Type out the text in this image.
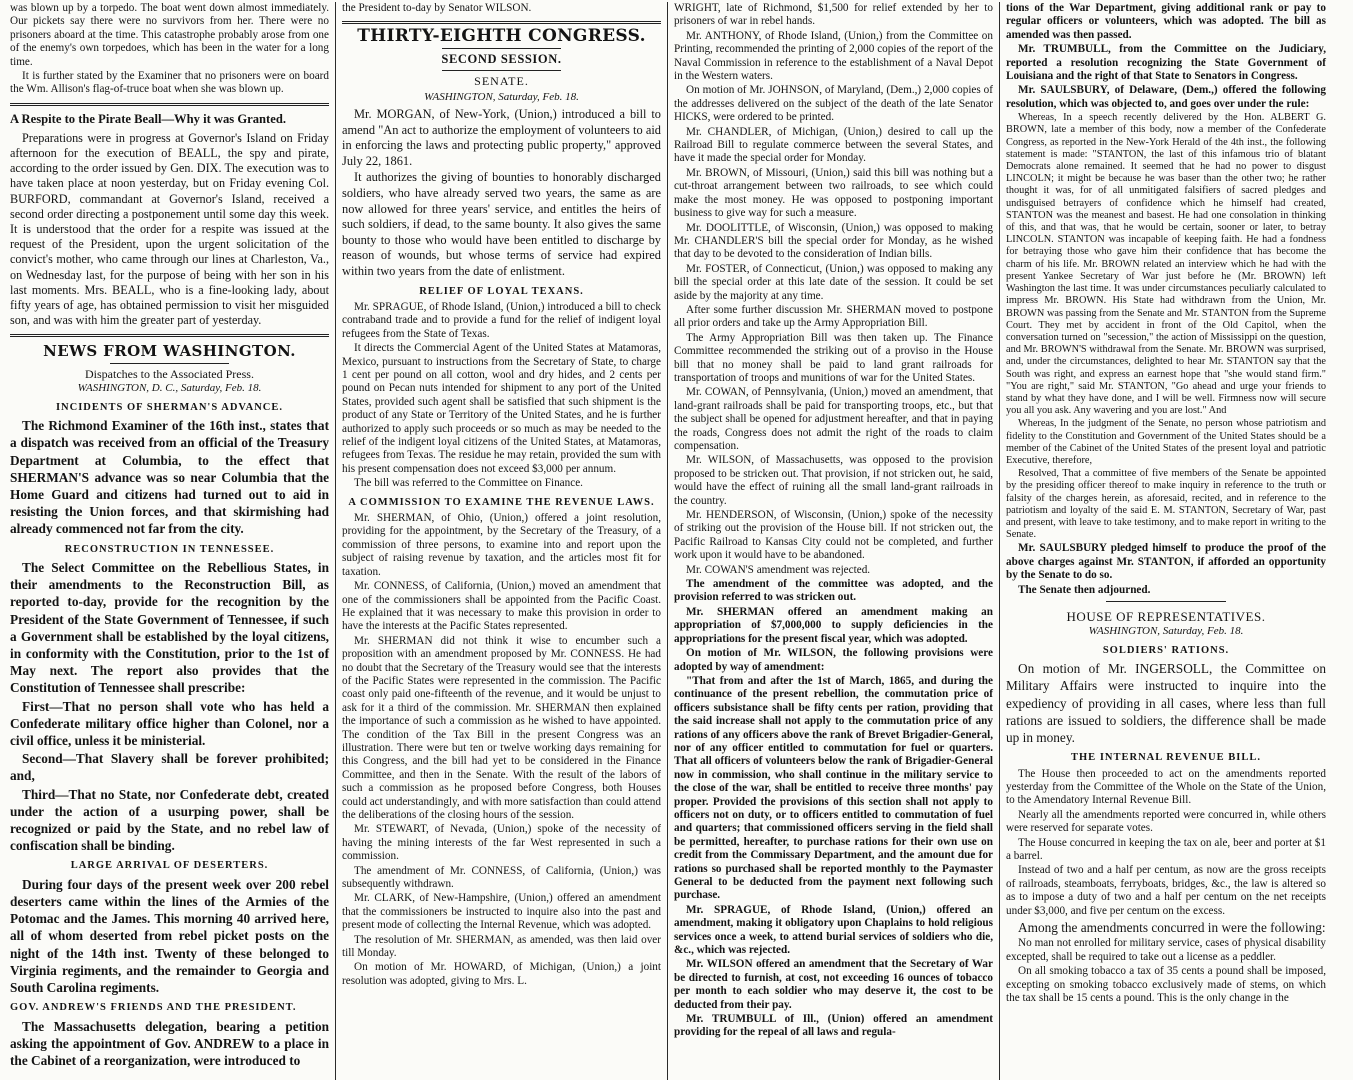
was blown up by a torpedo. The boat went down almost immediately. Our pickets say there were no survivors from her. There were no prisoners aboard at the time. This catastrophe probably arose from one of the enemy's own torpedoes, which has been in the water for a long time.

It is further stated by the Examiner that no prisoners were on board the Wm. Allison's flag-of-truce boat when she was blown up.

A Respite to the Pirate Beall—Why it was Granted.

Preparations were in progress at Governor's Island on Friday afternoon for the execution of BEALL, the spy and pirate, according to the order issued by Gen. DIX. The execution was to have taken place at noon yesterday, but on Friday evening Col. BURFORD, commandant at Governor's Island, received a second order directing a postponement until some day this week. It is understood that the order for a respite was issued at the request of the President, upon the urgent solicitation of the convict's mother, who came through our lines at Charleston, Va., on Wednesday last, for the purpose of being with her son in his last moments. Mrs. BEALL, who is a fine-looking lady, about fifty years of age, has obtained permission to visit her misguided son, and was with him the greater part of yesterday.

NEWS FROM WASHINGTON.
Dispatches to the Associated Press.
WASHINGTON, D. C., Saturday, Feb. 18.
INCIDENTS OF SHERMAN'S ADVANCE.

The Richmond Examiner of the 16th inst., states that a dispatch was received from an official of the Treasury Department at Columbia, to the effect that SHERMAN'S advance was so near Columbia that the Home Guard and citizens had turned out to aid in resisting the Union forces, and that skirmishing had already commenced not far from the city.

RECONSTRUCTION IN TENNESSEE.

The Select Committee on the Rebellious States, in their amendments to the Reconstruction Bill, as reported to-day, provide for the recognition by the President of the State Government of Tennessee, if such a Government shall be established by the loyal citizens, in conformity with the Constitution, prior to the 1st of May next. The report also provides that the Constitution of Tennessee shall prescribe:

First—That no person shall vote who has held a Confederate military office higher than Colonel, nor a civil office, unless it be ministerial.

Second—That Slavery shall be forever prohibited; and,

Third—That no State, nor Confederate debt, created under the action of a usurping power, shall be recognized or paid by the State, and no rebel law of confiscation shall be binding.

LARGE ARRIVAL OF DESERTERS.

During four days of the present week over 200 rebel deserters came within the lines of the Armies of the Potomac and the James. This morning 40 arrived here, all of whom deserted from rebel picket posts on the night of the 14th inst. Twenty of these belonged to Virginia regiments, and the remainder to Georgia and South Carolina regiments.

GOV. ANDREW'S FRIENDS AND THE PRESIDENT.

The Massachusetts delegation, bearing a petition asking the appointment of Gov. ANDREW to a place in the Cabinet of a reorganization, were introduced to

the President to-day by Senator WILSON.

THIRTY-EIGHTH CONGRESS.
SECOND SESSION.
SENATE.
WASHINGTON, Saturday, Feb. 18.

Mr. MORGAN, of New-York, (Union,) introduced a bill to amend "An act to authorize the employment of volunteers to aid in enforcing the laws and protecting public property," approved July 22, 1861.

It authorizes the giving of bounties to honorably discharged soldiers, who have already served two years, the same as are now allowed for three years' service, and entitles the heirs of such soldiers, if dead, to the same bounty. It also gives the same bounty to those who would have been entitled to discharge by reason of wounds, but whose terms of service had expired within two years from the date of enlistment.

RELIEF OF LOYAL TEXANS.

Mr. SPRAGUE, of Rhode Island, (Union,) introduced a bill to check contraband trade and to provide a fund for the relief of indigent loyal refugees from the State of Texas.

It directs the Commercial Agent of the United States at Matamoras, Mexico, pursuant to instructions from the Secretary of State, to charge 1 cent per pound on all cotton, wool and dry hides, and 2 cents per pound on Pecan nuts intended for shipment to any port of the United States, provided such agent shall be satisfied that such shipment is the product of any State or Territory of the United States, and he is further authorized to apply such proceeds or so much as may be needed to the relief of the indigent loyal citizens of the United States, at Matamoras, refugees from Texas. The residue he may retain, provided the sum with his present compensation does not exceed $3,000 per annum.

The bill was referred to the Committee on Finance.

A COMMISSION TO EXAMINE THE REVENUE LAWS.

Mr. SHERMAN, of Ohio, (Union,) offered a joint resolution, providing for the appointment, by the Secretary of the Treasury, of a commission of three persons, to examine into and report upon the subject of raising revenue by taxation, and the articles most fit for taxation.

Mr. CONNESS, of California, (Union,) moved an amendment that one of the commissioners shall be appointed from the Pacific Coast. He explained that it was necessary to make this provision in order to have the interests at the Pacific States represented.

Mr. SHERMAN did not think it wise to encumber such a proposition with an amendment proposed by Mr. CONNESS. He had no doubt that the Secretary of the Treasury would see that the interests of the Pacific States were represented in the commission. The Pacific coast only paid one-fifteenth of the revenue, and it would be unjust to ask for it a third of the commission. Mr. SHERMAN then explained the importance of such a commission as he wished to have appointed. The condition of the Tax Bill in the present Congress was an illustration. There were but ten or twelve working days remaining for this Congress, and the bill had yet to be considered in the Finance Committee, and then in the Senate. With the result of the labors of such a commission as he proposed before Congress, both Houses could act understandingly, and with more satisfaction than could attend the deliberations of the closing hours of the session.

Mr. STEWART, of Nevada, (Union,) spoke of the necessity of having the mining interests of the far West represented in such a commission.

The amendment of Mr. CONNESS, of California, (Union,) was subsequently withdrawn.

Mr. CLARK, of New-Hampshire, (Union,) offered an amendment that the commissioners be instructed to inquire also into the past and present mode of collecting the Internal Revenue, which was adopted.

The resolution of Mr. SHERMAN, as amended, was then laid over till Monday.

On motion of Mr. HOWARD, of Michigan, (Union,) a joint resolution was adopted, giving to Mrs. L.

WRIGHT, late of Richmond, $1,500 for relief extended by her to prisoners of war in rebel hands.

Mr. ANTHONY, of Rhode Island, (Union,) from the Committee on Printing, recommended the printing of 2,000 copies of the report of the Naval Commission in reference to the establishment of a Naval Depot in the Western waters.

On motion of Mr. JOHNSON, of Maryland, (Dem.,) 2,000 copies of the addresses delivered on the subject of the death of the late Senator HICKS, were ordered to be printed.

Mr. CHANDLER, of Michigan, (Union,) desired to call up the Railroad Bill to regulate commerce between the several States, and have it made the special order for Monday.

Mr. BROWN, of Missouri, (Union,) said this bill was nothing but a cut-throat arrangement between two railroads, to see which could make the most money. He was opposed to postponing important business to give way for such a measure.

Mr. DOOLITTLE, of Wisconsin, (Union,) was opposed to making Mr. CHANDLER'S bill the special order for Monday, as he wished that day to be devoted to the consideration of Indian bills.

Mr. FOSTER, of Connecticut, (Union,) was opposed to making any bill the special order at this late date of the session. It could be set aside by the majority at any time.

After some further discussion Mr. SHERMAN moved to postpone all prior orders and take up the Army Appropriation Bill.

The Army Appropriation Bill was then taken up. The Finance Committee recommended the striking out of a proviso in the House bill that no money shall be paid to land grant railroads for transportation of troops and munitions of war for the United States.

Mr. COWAN, of Pennsylvania, (Union,) moved an amendment, that land-grant railroads shall be paid for transporting troops, etc., but that the subject shall be opened for adjustment hereafter, and that in paying the roads, Congress does not admit the right of the roads to claim compensation.

Mr. WILSON, of Massachusetts, was opposed to the provision proposed to be stricken out. That provision, if not stricken out, he said, would have the effect of ruining all the small land-grant railroads in the country.

Mr. HENDERSON, of Wisconsin, (Union,) spoke of the necessity of striking out the provision of the House bill. If not stricken out, the Pacific Railroad to Kansas City could not be completed, and further work upon it would have to be abandoned.

Mr. COWAN'S amendment was rejected.

The amendment of the committee was adopted, and the provision referred to was stricken out.

Mr. SHERMAN offered an amendment making an appropriation of $7,000,000 to supply deficiencies in the appropriations for the present fiscal year, which was adopted.

On motion of Mr. WILSON, the following provisions were adopted by way of amendment:

"That from and after the 1st of March, 1865, and during the continuance of the present rebellion, the commutation price of officers subsistance shall be fifty cents per ration, providing that the said increase shall not apply to the commutation price of any rations of any officers above the rank of Brevet Brigadier-General, nor of any officer entitled to commutation for fuel or quarters. That all officers of volunteers below the rank of Brigadier-General now in commission, who shall continue in the military service to the close of the war, shall be entitled to receive three months' pay proper. Provided the provisions of this section shall not apply to officers not on duty, or to officers entitled to commutation of fuel and quarters; that commissioned officers serving in the field shall be permitted, hereafter, to purchase rations for their own use on credit from the Commissary Department, and the amount due for rations so purchased shall be reported monthly to the Paymaster General to be deducted from the payment next following such purchase.

Mr. SPRAGUE, of Rhode Island, (Union,) offered an amendment, making it obligatory upon Chaplains to hold religious services once a week, to attend burial services of soldiers who die, &c., which was rejected.

Mr. WILSON offered an amendment that the Secretary of War be directed to furnish, at cost, not exceeding 16 ounces of tobacco per month to each soldier who may deserve it, the cost to be deducted from their pay.

Mr. TRUMBULL of Ill., (Union) offered an amendment providing for the repeal of all laws and regula-

tions of the War Department, giving additional rank or pay to regular officers or volunteers, which was adopted. The bill as amended was then passed.

Mr. TRUMBULL, from the Committee on the Judiciary, reported a resolution recognizing the State Government of Louisiana and the right of that State to Senators in Congress.

Mr. SAULSBURY, of Delaware, (Dem.,) offered the following resolution, which was objected to, and goes over under the rule:

Whereas, In a speech recently delivered by the Hon. ALBERT G. BROWN, late a member of this body, now a member of the Confederate Congress, as reported in the New-York Herald of the 4th inst., the following statement is made: "STANTON, the last of this infamous trio of blatant Democrats alone remained. It seemed that he had no power to disgust LINCOLN; it might be because he was baser than the other two; he rather thought it was, for of all unmitigated falsifiers of sacred pledges and undisguised betrayers of confidence which he himself had created, STANTON was the meanest and basest. He had one consolation in thinking of this, and that was, that he would be certain, sooner or later, to betray LINCOLN. STANTON was incapable of keeping faith. He had a fondness for betraying those who gave him their confidence that has become the charm of his life. Mr. BROWN related an interview which he had with the present Yankee Secretary of War just before he (Mr. BROWN) left Washington the last time. It was under circumstances peculiarly calculated to impress Mr. BROWN. His State had withdrawn from the Union, Mr. BROWN was passing from the Senate and Mr. STANTON from the Supreme Court. They met by accident in front of the Old Capitol, when the conversation turned on "secession," the action of Mississippi on the question, and Mr. BROWN'S withdrawal from the Senate. Mr. BROWN was surprised, and, under the circumstances, delighted to hear Mr. STANTON say that the South was right, and express an earnest hope that "she would stand firm." "You are right," said Mr. STANTON, "Go ahead and urge your friends to stand by what they have done, and I will be well. Firmness now will secure you all you ask. Any wavering and you are lost." And

Whereas, In the judgment of the Senate, no person whose patriotism and fidelity to the Constitution and Government of the United States should be a member of the Cabinet of the United States of the present loyal and patriotic Executive, therefore,

Resolved, That a committee of five members of the Senate be appointed by the presiding officer thereof to make inquiry in reference to the truth or falsity of the charges herein, as aforesaid, recited, and in reference to the patriotism and loyalty of the said E. M. STANTON, Secretary of War, past and present, with leave to take testimony, and to make report in writing to the Senate.

Mr. SAULSBURY pledged himself to produce the proof of the above charges against Mr. STANTON, if afforded an opportunity by the Senate to do so.

The Senate then adjourned.

HOUSE OF REPRESENTATIVES.
WASHINGTON, Saturday, Feb. 18.
SOLDIERS' RATIONS.

On motion of Mr. INGERSOLL, the Committee on Military Affairs were instructed to inquire into the expediency of providing in all cases, where less than full rations are issued to soldiers, the difference shall be made up in money.

THE INTERNAL REVENUE BILL.

The House then proceeded to act on the amendments reported yesterday from the Committee of the Whole on the State of the Union, to the Amendatory Internal Revenue Bill.

Nearly all the amendments reported were concurred in, while others were reserved for separate votes.

The House concurred in keeping the tax on ale, beer and porter at $1 a barrel.

Instead of two and a half per centum, as now are the gross receipts of railroads, steamboats, ferryboats, bridges, &c., the law is altered so as to impose a duty of two and a half per centum on the net receipts under $3,000, and five per centum on the excess.

Among the amendments concurred in were the following:

No man not enrolled for military service, cases of physical disability excepted, shall be required to take out a license as a peddler.

On all smoking tobacco a tax of 35 cents a pound shall be imposed, excepting on smoking tobacco exclusively made of stems, on which the tax shall be 15 cents a pound. This is the only change in the
